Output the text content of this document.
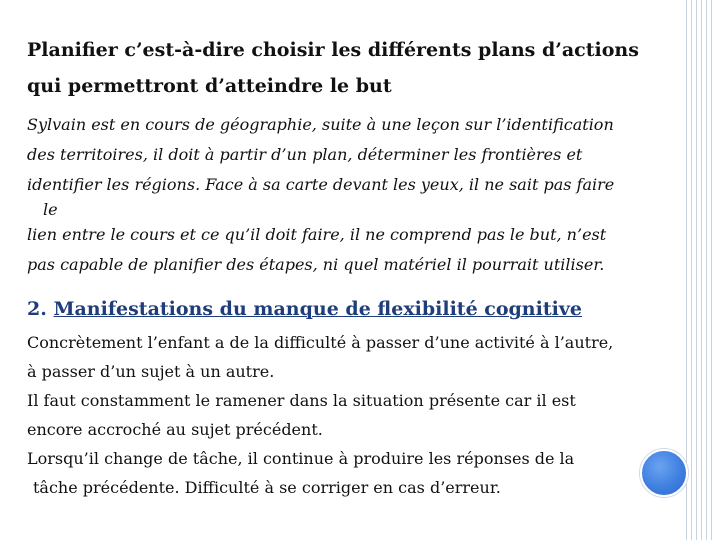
Planifier c’est-à-dire choisir les différents plans d’actions
qui permettront d’atteindre le but

Sylvain est en cours de géographie, suite à une leçon sur l’identification
des territoires, il doit à partir d’un plan, déterminer les frontières et
identifier les régions. Face à sa carte devant les yeux, il ne sait pas faire
le
lien entre le cours et ce qu’il doit faire, il ne comprend pas le but, n’est
pas capable de planifier des étapes, ni quel matériel il pourrait utiliser.

2. Manifestations du manque de flexibilité cognitive

Concrètement l’enfant a de la difficulté à passer d’une activité à l’autre,
à passer d’un sujet à un autre.
Il faut constamment le ramener dans la situation présente car il est
encore accroché au sujet précédent.
Lorsqu’il change de tâche, il continue à produire les réponses de la
tâche précédente. Difficulté à se corriger en cas d’erreur.
